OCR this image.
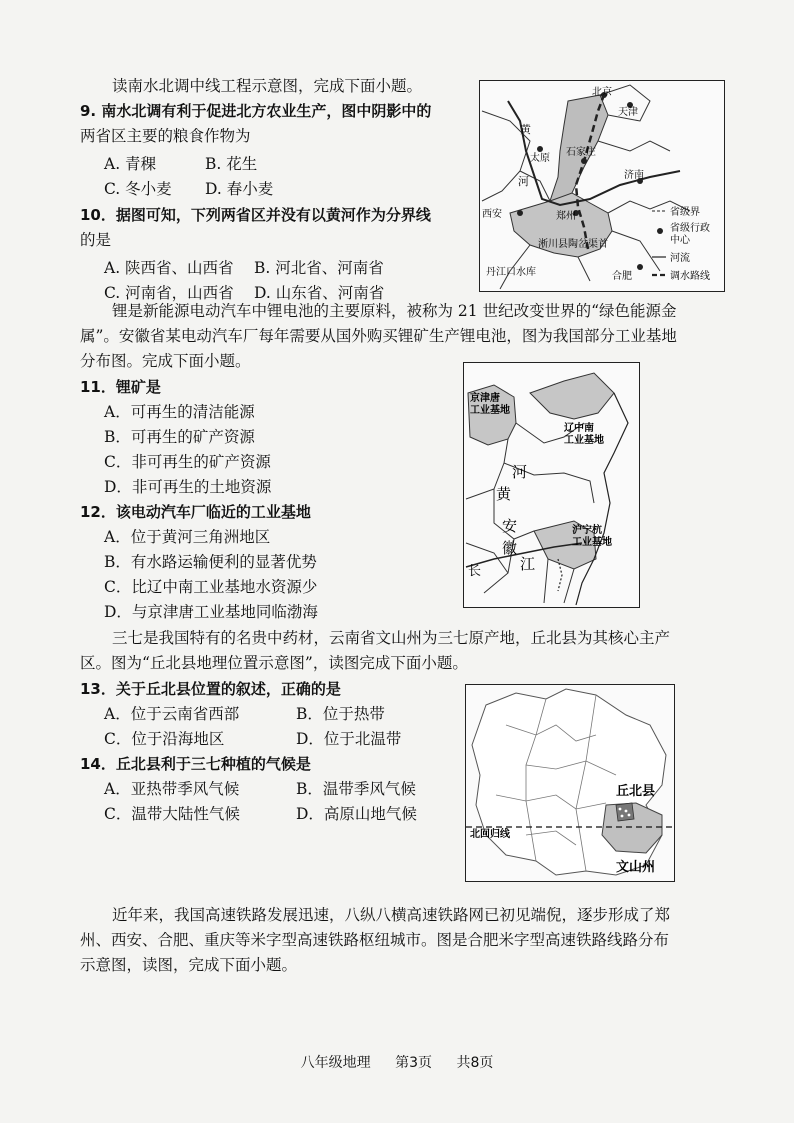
读南水北调中线工程示意图，完成下面小题。
9. 南水北调有利于促进北方农业生产，图中阴影中的
两省区主要的粮食作物为
A. 青稞	B. 花生
C. 冬小麦 D. 春小麦
10．据图可知，下列两省区并没有以黄河作为分界线
的是
A. 陕西省、山西省 B. 河北省、河南省
C. 河南省，山西省 D. 山东省、河南省
北京
天津
石家庄
太原
济南
西安	郑州
淅川县陶岔渠首
丹江口水库	合肥
黄
河
省级界
省级行政
中心
河流
调水路线
锂是新能源电动汽车中锂电池的主要原料，被称为 21 世纪改变世界的“绿色能源金
属”。安徽省某电动汽车厂每年需要从国外购买锂矿生产锂电池，图为我国部分工业基地
分布图。完成下面小题。
11．锂矿是
A．可再生的清洁能源
B．可再生的矿产资源
C．非可再生的矿产资源
D．非可再生的土地资源
12．该电动汽车厂临近的工业基地
A．位于黄河三角洲地区
B．有水路运输便利的显著优势
C．比辽中南工业基地水资源少
D．与京津唐工业基地同临渤海
京津唐
工业基地
辽中南
工业基地
沪宁杭
工业基地
河
黄
安
徽
江
长
三七是我国特有的名贵中药材，云南省文山州为三七原产地，丘北县为其核心主产
区。图为“丘北县地理位置示意图”，读图完成下面小题。
13．关于丘北县位置的叙述，正确的是
A．位于云南省西部	B．位于热带
C．位于沿海地区	D．位于北温带
14．丘北县利于三七种植的气候是
A．亚热带季风气候	B．温带季风气候
C．温带大陆性气候	D．高原山地气候
丘北县
北回归线
文山州
近年来，我国高速铁路发展迅速，八纵八横高速铁路网已初见端倪，逐步形成了郑
州、西安、合肥、重庆等米字型高速铁路枢纽城市。图是合肥米字型高速铁路线路分布
示意图，读图，完成下面小题。
八年级地理 第3页 共8页
